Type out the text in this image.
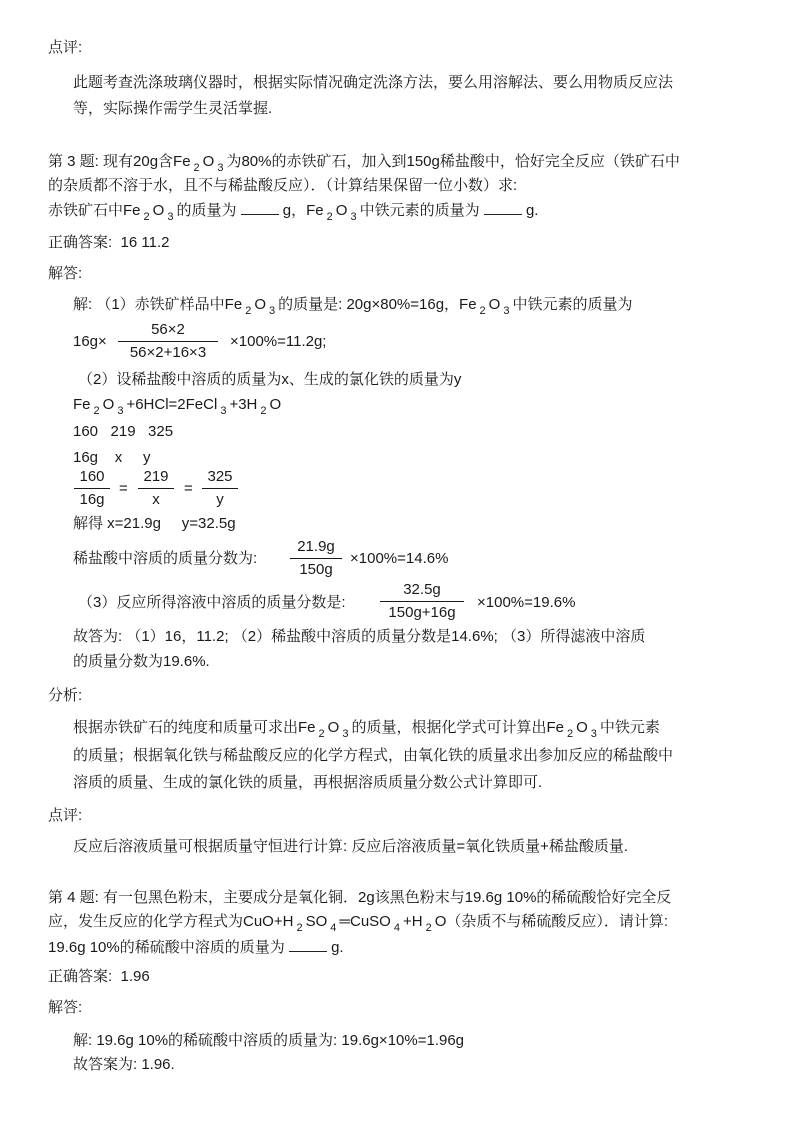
点评:
此题考查洗涤玻璃仪器时，根据实际情况确定洗涤方法，要么用溶解法、要么用物质反应法
等，实际操作需学生灵活掌握.
第 3 题: 现有20g含Fe $_2$ O $_3$ 为80%的赤铁矿石，加入到150g稀盐酸中，恰好完全反应（铁矿石中
的杂质都不溶于水，且不与稀盐酸反应）．（计算结果保留一位小数）求:
赤铁矿石中Fe $_2$ O $_3$ 的质量为	g，Fe $_2$ O $_3$ 中铁元素的质量为	g.
正确答案: 16 11.2
解答:
解: （1）赤铁矿样品中Fe $_2$ O $_3$ 的质量是: 20g×80%=16g，Fe $_2$ O $_3$ 中铁元素的质量为
16g×
56×2
56×2+16×3
×100%=11.2g;
（2）设稀盐酸中溶质的质量为x、生成的氯化铁的质量为y
Fe $_2$ O $_3$ +6HCl=2FeCl $_3$ +3H $_2$ O
160   219   325
16g    x     y
160
16g
=
219
x
=
325
y
解得 x=21.9g     y=32.5g
稀盐酸中溶质的质量分数为:
21.9g
150g
×100%=14.6%
（3）反应所得溶液中溶质的质量分数是:
32.5g
150g+16g
×100%=19.6%
故答为: （1）16，11.2; （2）稀盐酸中溶质的质量分数是14.6%; （3）所得滤液中溶质
的质量分数为19.6%.
分析:
根据赤铁矿石的纯度和质量可求出Fe $_2$ O $_3$ 的质量，根据化学式可计算出Fe $_2$ O $_3$ 中铁元素
的质量；根据氧化铁与稀盐酸反应的化学方程式，由氧化铁的质量求出参加反应的稀盐酸中
溶质的质量、生成的氯化铁的质量，再根据溶质质量分数公式计算即可.
点评:
反应后溶液质量可根据质量守恒进行计算: 反应后溶液质量=氧化铁质量+稀盐酸质量.
第 4 题: 有一包黑色粉末，主要成分是氧化铜．2g该黑色粉末与19.6g 10%的稀硫酸恰好完全反
应，发生反应的化学方程式为CuO+H $_2$ SO $_4$ ═CuSO $_4$ +H $_2$ O（杂质不与稀硫酸反应）．请计算:
19.6g 10%的稀硫酸中溶质的质量为	g.
正确答案: 1.96
解答:
解: 19.6g 10%的稀硫酸中溶质的质量为: 19.6g×10%=1.96g
故答案为: 1.96.
